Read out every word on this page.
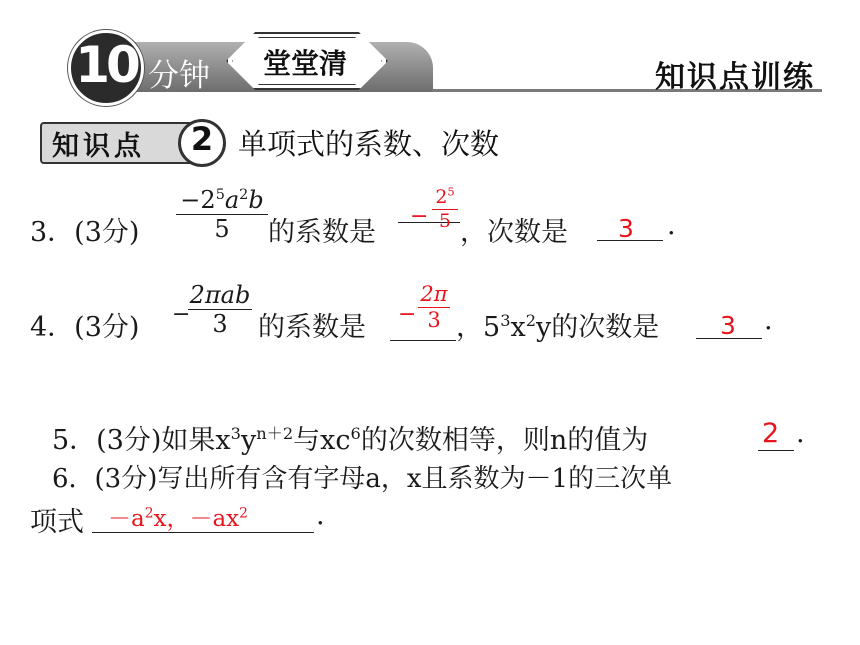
10 分钟	堂堂清	知识点训练
知识点	2 单项式的系数、次数
3．(3分)
$-2^5a^2b$
5	的系数是
−
$2^5$
5 ，次数是 3 .
4．(3分) −
2πab
3	的系数是 −
2π
3 ，$5^3x^2y$的次数是 3 .
5．(3分)如果$x^3y^{n+2}$与$xc^6$的次数相等，则n的值为	2 .
6．(3分)写出所有含有字母a，x且系数为－1的三次单
项式 $-a^2x$，$-ax^2$	.
